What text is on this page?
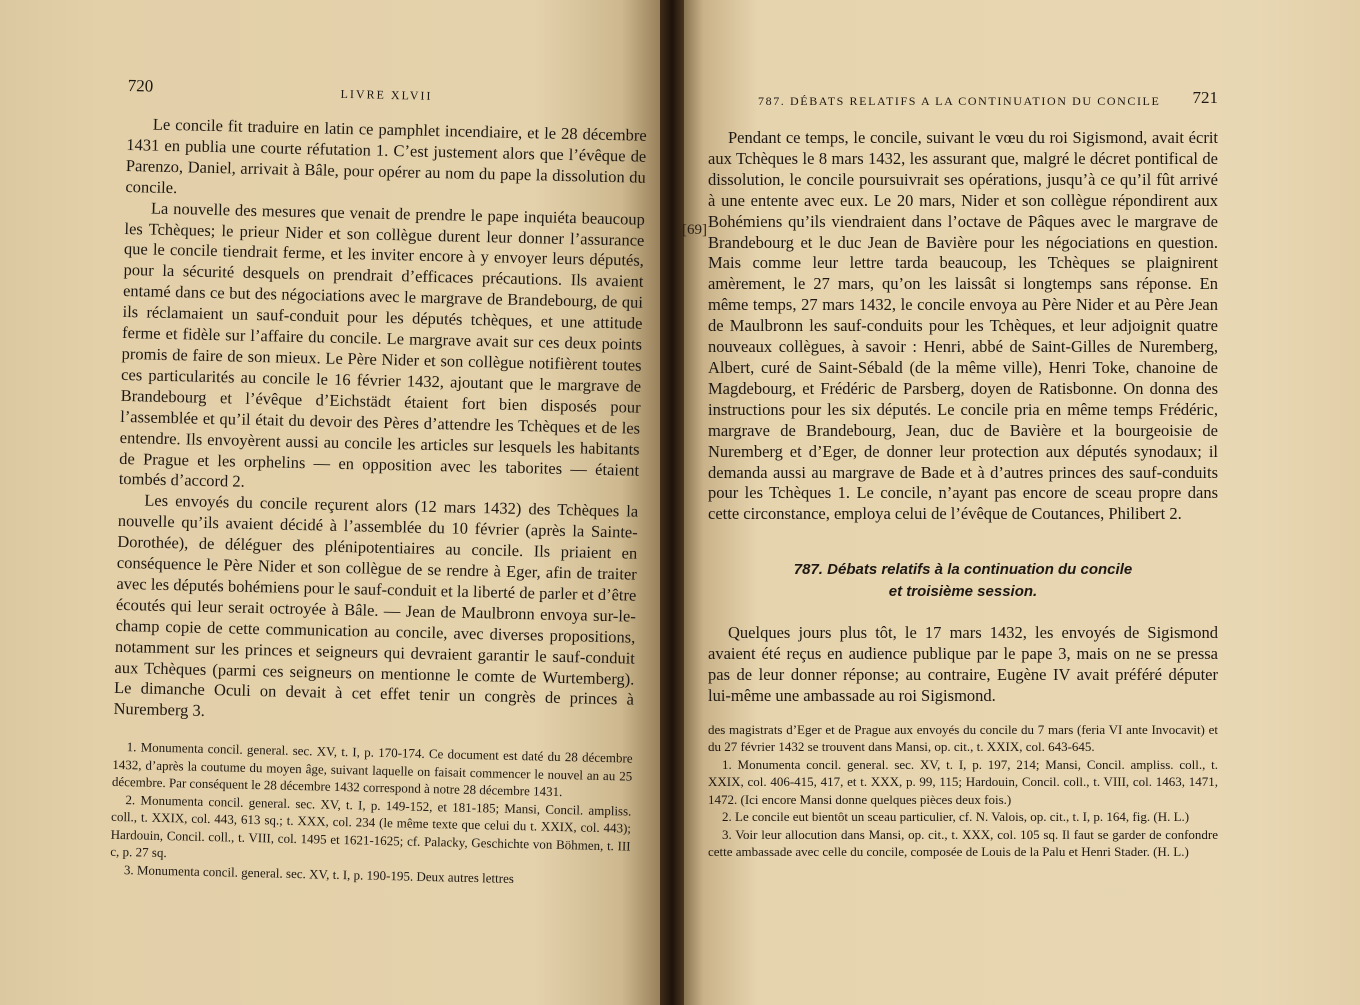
720	LIVRE XLVII

Le concile fit traduire en latin ce pamphlet incendiaire, et le 28 décembre 1431 en publia une courte réfutation 1. C’est justement alors que l’évêque de Parenzo, Daniel, arrivait à Bâle, pour opérer au nom du pape la dissolution du concile.

La nouvelle des mesures que venait de prendre le pape inquiéta beaucoup les Tchèques; le prieur Nider et son collègue durent leur donner l’assurance que le concile tiendrait ferme, et les inviter encore à y envoyer leurs députés, pour la sécurité desquels on prendrait d’efficaces précautions. Ils avaient entamé dans ce but des négociations avec le margrave de Brandebourg, de qui ils réclamaient un sauf-conduit pour les députés tchèques, et une attitude ferme et fidèle sur l’affaire du concile. Le margrave avait sur ces deux points promis de faire de son mieux. Le Père Nider et son collègue notifièrent toutes ces particularités au concile le 16 février 1432, ajoutant que le margrave de Brandebourg et l’évêque d’Eichstädt étaient fort bien disposés pour l’assemblée et qu’il était du devoir des Pères d’attendre les Tchèques et de les entendre. Ils envoyèrent aussi au concile les articles sur lesquels les habitants de Prague et les orphelins — en opposition avec les taborites — étaient tombés d’accord 2.

Les envoyés du concile reçurent alors (12 mars 1432) des Tchèques la nouvelle qu’ils avaient décidé à l’assemblée du 10 février (après la Sainte-Dorothée), de déléguer des plénipotentiaires au concile. Ils priaient en conséquence le Père Nider et son collègue de se rendre à Eger, afin de traiter avec les députés bohémiens pour le sauf-conduit et la liberté de parler et d’être écoutés qui leur serait octroyée à Bâle. — Jean de Maulbronn envoya sur-le-champ copie de cette communication au concile, avec diverses propositions, notamment sur les princes et seigneurs qui devraient garantir le sauf-conduit aux Tchèques (parmi ces seigneurs on mentionne le comte de Wurtemberg). Le dimanche Oculi on devait à cet effet tenir un congrès de princes à Nuremberg 3.

1. Monumenta concil. general. sec. XV, t. I, p. 170-174. Ce document est daté du 28 décembre 1432, d’après la coutume du moyen âge, suivant laquelle on faisait commencer le nouvel an au 25 décembre. Par conséquent le 28 décembre 1432 correspond à notre 28 décembre 1431.

2. Monumenta concil. general. sec. XV, t. I, p. 149-152, et 181-185; Mansi, Concil. ampliss. coll., t. XXIX, col. 443, 613 sq.; t. XXX, col. 234 (le même texte que celui du t. XXIX, col. 443); Hardouin, Concil. coll., t. VIII, col. 1495 et 1621-1625; cf. Palacky, Geschichte von Böhmen, t. III c, p. 27 sq.

3. Monumenta concil. general. sec. XV, t. I, p. 190-195. Deux autres lettres

787. DÉBATS RELATIFS A LA CONTINUATION DU CONCILE 721

Pendant ce temps, le concile, suivant le vœu du roi Sigismond, avait écrit aux Tchèques le 8 mars 1432, les assurant que, malgré le décret pontifical de dissolution, le concile poursuivrait ses opérations, jusqu’à ce qu’il fût arrivé à une entente avec eux. Le 20 mars, Nider et son collègue répondirent aux Bohémiens qu’ils viendraient dans l’octave de Pâques avec le margrave de Brandebourg et le duc Jean de Bavière pour les négociations en question. Mais comme leur lettre tarda beaucoup, les Tchèques se plaignirent amèrement, le 27 mars, qu’on les laissât si longtemps sans réponse. En même temps, 27 mars 1432, le concile envoya au Père Nider et au Père Jean de Maulbronn les sauf-conduits pour les Tchèques, et leur adjoignit quatre nouveaux collègues, à savoir : Henri, abbé de Saint-Gilles de Nuremberg, Albert, curé de Saint-Sébald (de la même ville), Henri Toke, chanoine de Magdebourg, et Frédéric de Parsberg, doyen de Ratisbonne. On donna des instructions pour les six députés. Le concile pria en même temps Frédéric, margrave de Brandebourg, Jean, duc de Bavière et la bourgeoisie de Nuremberg et d’Eger, de donner leur protection aux députés synodaux; il demanda aussi au margrave de Bade et à d’autres princes des sauf-conduits pour les Tchèques 1. Le concile, n’ayant pas encore de sceau propre dans cette circonstance, employa celui de l’évêque de Coutances, Philibert 2.

787. Débats relatifs à la continuation du concile
et troisième session.

Quelques jours plus tôt, le 17 mars 1432, les envoyés de Sigismond avaient été reçus en audience publique par le pape 3, mais on ne se pressa pas de leur donner réponse; au contraire, Eugène IV avait préféré députer lui-même une ambassade au roi Sigismond.

des magistrats d’Eger et de Prague aux envoyés du concile du 7 mars (feria VI ante Invocavit) et du 27 février 1432 se trouvent dans Mansi, op. cit., t. XXIX, col. 643-645.

1. Monumenta concil. general. sec. XV, t. I, p. 197, 214; Mansi, Concil. ampliss. coll., t. XXIX, col. 406-415, 417, et t. XXX, p. 99, 115; Hardouin, Concil. coll., t. VIII, col. 1463, 1471, 1472. (Ici encore Mansi donne quelques pièces deux fois.)

2. Le concile eut bientôt un sceau particulier, cf. N. Valois, op. cit., t. I, p. 164, fig. (H. L.)

3. Voir leur allocution dans Mansi, op. cit., t. XXX, col. 105 sq. Il faut se garder de confondre cette ambassade avec celle du concile, composée de Louis de la Palu et Henri Stader. (H. L.)

[69]
